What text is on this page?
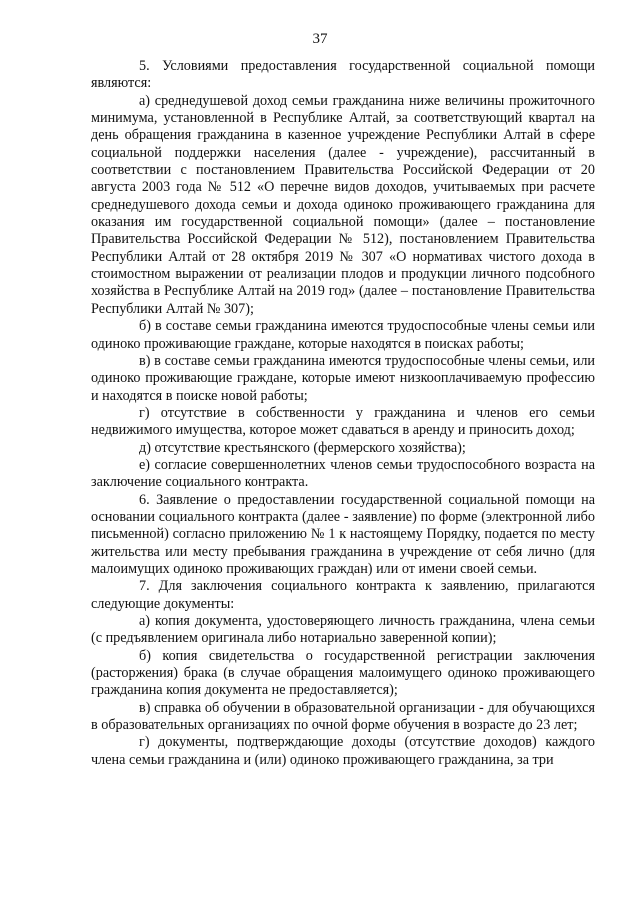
37

5. Условиями предоставления государственной социальной помощи являются:

а) среднедушевой доход семьи гражданина ниже величины прожиточного минимума, установленной в Республике Алтай, за соответствующий квартал на день обращения гражданина в казенное учреждение Республики Алтай в сфере социальной поддержки населения (далее - учреждение), рассчитанный в соответствии с постановлением Правительства Российской Федерации от 20 августа 2003 года № 512 «О перечне видов доходов, учитываемых при расчете среднедушевого дохода семьи и дохода одиноко проживающего гражданина для оказания им государственной социальной помощи» (далее – постановление Правительства Российской Федерации № 512), постановлением Правительства Республики Алтай от 28 октября 2019 № 307 «О нормативах чистого дохода в стоимостном выражении от реализации плодов и продукции личного подсобного хозяйства в Республике Алтай на 2019 год» (далее – постановление Правительства Республики Алтай № 307);

б) в составе семьи гражданина имеются трудоспособные члены семьи или одиноко проживающие граждане, которые находятся в поисках работы;

в) в составе семьи гражданина имеются трудоспособные члены семьи, или одиноко проживающие граждане, которые имеют низкооплачиваемую профессию и находятся в поиске новой работы;

г) отсутствие в собственности у гражданина и членов его семьи недвижимого имущества, которое может сдаваться в аренду и приносить доход;

д) отсутствие крестьянского (фермерского хозяйства);

е) согласие совершеннолетних членов семьи трудоспособного возраста на заключение социального контракта.

6. Заявление о предоставлении государственной социальной помощи на основании социального контракта (далее - заявление) по форме (электронной либо письменной) согласно приложению № 1 к настоящему Порядку, подается по месту жительства или месту пребывания гражданина в учреждение от себя лично (для малоимущих одиноко проживающих граждан) или от имени своей семьи.

7. Для заключения социального контракта к заявлению, прилагаются следующие документы:

а) копия документа, удостоверяющего личность гражданина, члена семьи (с предъявлением оригинала либо нотариально заверенной копии);

б) копия свидетельства о государственной регистрации заключения (расторжения) брака (в случае обращения малоимущего одиноко проживающего гражданина копия документа не предоставляется);

в) справка об обучении в образовательной организации - для обучающихся в образовательных организациях по очной форме обучения в возрасте до 23 лет;

г) документы, подтверждающие доходы (отсутствие доходов) каждого члена семьи гражданина и (или) одиноко проживающего гражданина, за три
